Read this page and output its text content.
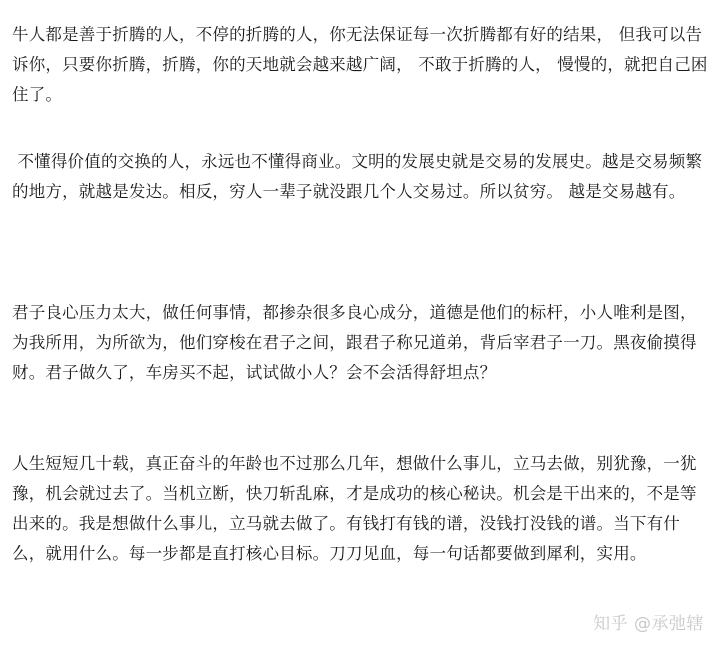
牛人都是善于折腾的人，不停的折腾的人，你无法保证每一次折腾都有好的结果， 但我可以告诉你，只要你折腾，折腾，你的天地就会越来越广阔， 不敢于折腾的人， 慢慢的，就把自己困住了。

不懂得价值的交换的人，永远也不懂得商业。文明的发展史就是交易的发展史。越是交易频繁的地方，就越是发达。相反，穷人一辈子就没跟几个人交易过。所以贫穷。 越是交易越有。

君子良心压力太大，做任何事情，都掺杂很多良心成分，道德是他们的标杆，小人唯利是图，为我所用，为所欲为，他们穿梭在君子之间，跟君子称兄道弟，背后宰君子一刀。黑夜偷摸得财。君子做久了，车房买不起，试试做小人？会不会活得舒坦点？

人生短短几十载，真正奋斗的年龄也不过那么几年，想做什么事儿，立马去做，别犹豫，一犹豫，机会就过去了。当机立断，快刀斩乱麻，才是成功的核心秘诀。机会是干出来的，不是等出来的。我是想做什么事儿，立马就去做了。有钱打有钱的谱，没钱打没钱的谱。当下有什么，就用什么。每一步都是直打核心目标。刀刀见血，每一句话都要做到犀利，实用。

知乎 @承弛辖
